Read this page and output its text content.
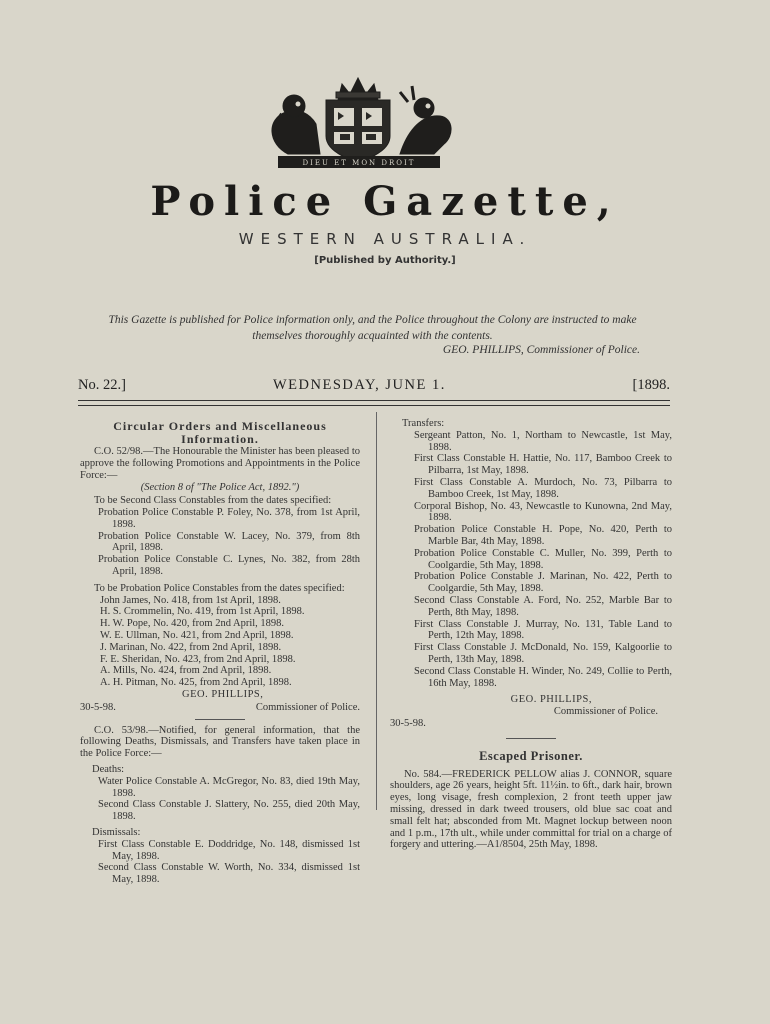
DIEU ET MON DROIT
Police Gazette,
WESTERN AUSTRALIA.
[Published by Authority.]
This Gazette is published for Police information only, and the Police throughout the Colony are instructed to make themselves thoroughly acquainted with the contents.
GEO. PHILLIPS, Commissioner of Police.
No. 22.]	WEDNESDAY, JUNE 1.	[1898.
Circular Orders and Miscellaneous Information.

C.O. 52/98.—The Honourable the Minister has been pleased to approve the following Promotions and Appointments in the Police Force:—

(Section 8 of "The Police Act, 1892.")

To be Second Class Constables from the dates specified:

Probation Police Constable P. Foley, No. 378, from 1st April, 1898.
Probation Police Constable W. Lacey, No. 379, from 8th April, 1898.
Probation Police Constable C. Lynes, No. 382, from 28th April, 1898.

To be Probation Police Constables from the dates specified:

John James, No. 418, from 1st April, 1898.
H. S. Crommelin, No. 419, from 1st April, 1898.
H. W. Pope, No. 420, from 2nd April, 1898.
W. E. Ullman, No. 421, from 2nd April, 1898.
J. Marinan, No. 422, from 2nd April, 1898.
F. E. Sheridan, No. 423, from 2nd April, 1898.
A. Mills, No. 424, from 2nd April, 1898.
A. H. Pitman, No. 425, from 2nd April, 1898.
GEO. PHILLIPS,
30-5-98.	Commissioner of Police.

C.O. 53/98.—Notified, for general information, that the following Deaths, Dismissals, and Transfers have taken place in the Police Force:—

Deaths:
Water Police Constable A. McGregor, No. 83, died 19th May, 1898.
Second Class Constable J. Slattery, No. 255, died 20th May, 1898.
Dismissals:
First Class Constable E. Doddridge, No. 148, dismissed 1st May, 1898.
Second Class Constable W. Worth, No. 334, dismissed 1st May, 1898.
Transfers:
Sergeant Patton, No. 1, Northam to Newcastle, 1st May, 1898.
First Class Constable H. Hattie, No. 117, Bamboo Creek to Pilbarra, 1st May, 1898.
First Class Constable A. Murdoch, No. 73, Pilbarra to Bamboo Creek, 1st May, 1898.
Corporal Bishop, No. 43, Newcastle to Kunowna, 2nd May, 1898.
Probation Police Constable H. Pope, No. 420, Perth to Marble Bar, 4th May, 1898.
Probation Police Constable C. Muller, No. 399, Perth to Coolgardie, 5th May, 1898.
Probation Police Constable J. Marinan, No. 422, Perth to Coolgardie, 5th May, 1898.
Second Class Constable A. Ford, No. 252, Marble Bar to Perth, 8th May, 1898.
First Class Constable J. Murray, No. 131, Table Land to Perth, 12th May, 1898.
First Class Constable J. McDonald, No. 159, Kalgoorlie to Perth, 13th May, 1898.
Second Class Constable H. Winder, No. 249, Collie to Perth, 16th May, 1898.
GEO. PHILLIPS,
Commissioner of Police.
30-5-98.
Escaped Prisoner.

No. 584.—FREDERICK PELLOW alias J. CONNOR, square shoulders, age 26 years, height 5ft. 11½in. to 6ft., dark hair, brown eyes, long visage, fresh complexion, 2 front teeth upper jaw missing, dressed in dark tweed trousers, old blue sac coat and small felt hat; absconded from Mt. Magnet lockup between noon and 1 p.m., 17th ult., while under committal for trial on a charge of forgery and uttering.—A1/8504, 25th May, 1898.
